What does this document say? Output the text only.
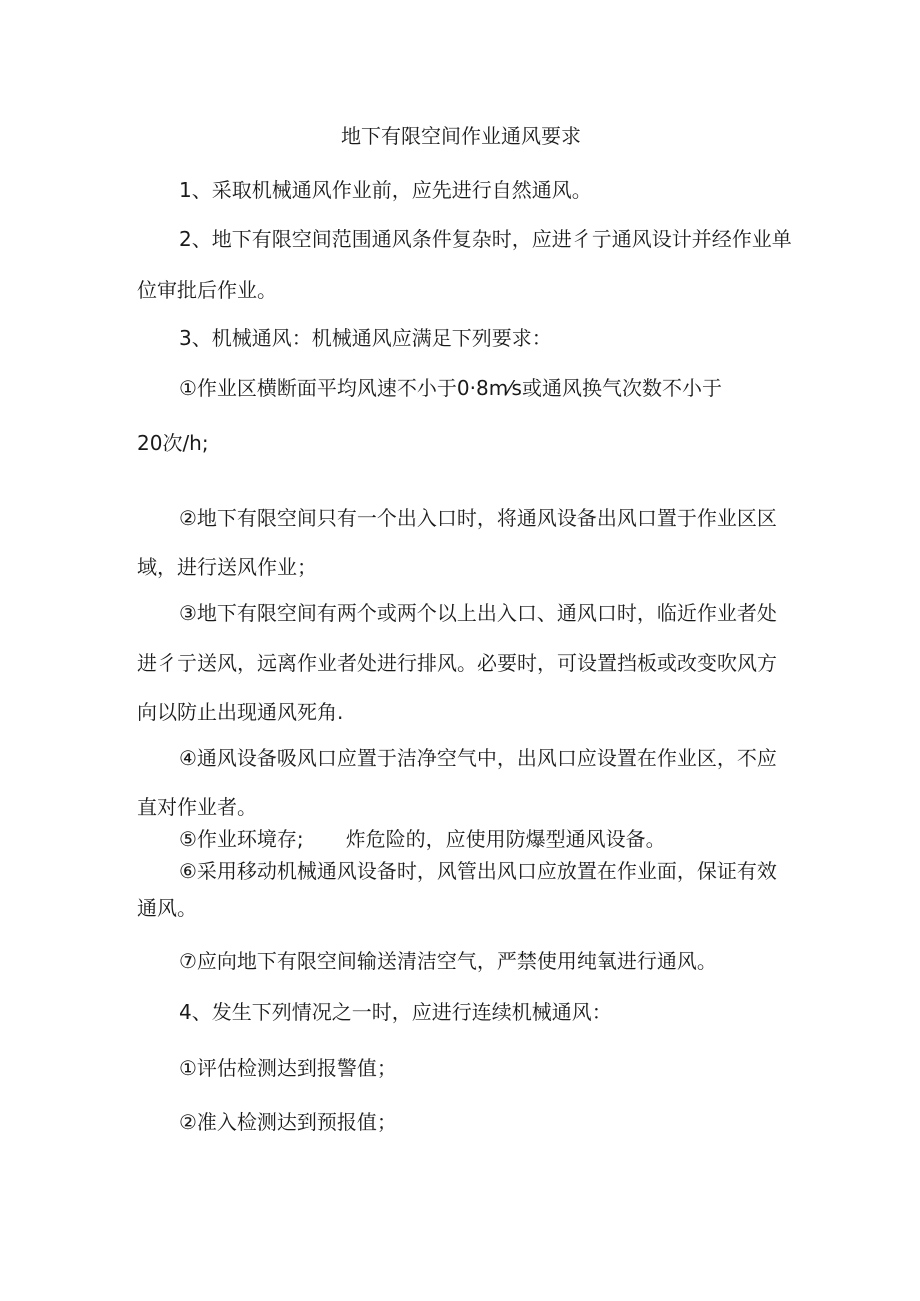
地下有限空间作业通风要求

1、采取机械通风作业前，应先进行自然通风。

2、地下有限空间范围通风条件复杂时，应进彳亍通风设计并经作业单

位审批后作业。

3、机械通风：机械通风应满足下列要求：

①作业区横断面平均风速不小于0·8m⁄s或通风换气次数不小于

20次/h;

②地下有限空间只有一个出入口时，将通风设备出风口置于作业区区

域，进行送风作业；

③地下有限空间有两个或两个以上出入口、通风口时，临近作业者处

进彳亍送风，远离作业者处进行排风。必要时，可设置挡板或改变吹风方

向以防止出现通风死角.

④通风设备吸风口应置于洁净空气中，出风口应设置在作业区，不应

直对作业者。

⑤作业环境存; 炸危险的，应使用防爆型通风设备。

⑥采用移动机械通风设备时，风管出风口应放置在作业面，保证有效

通风。

⑦应向地下有限空间输送清洁空气，严禁使用纯氧进行通风。

4、发生下列情况之一时，应进行连续机械通风：

①评估检测达到报警值；

②准入检测达到预报值；
